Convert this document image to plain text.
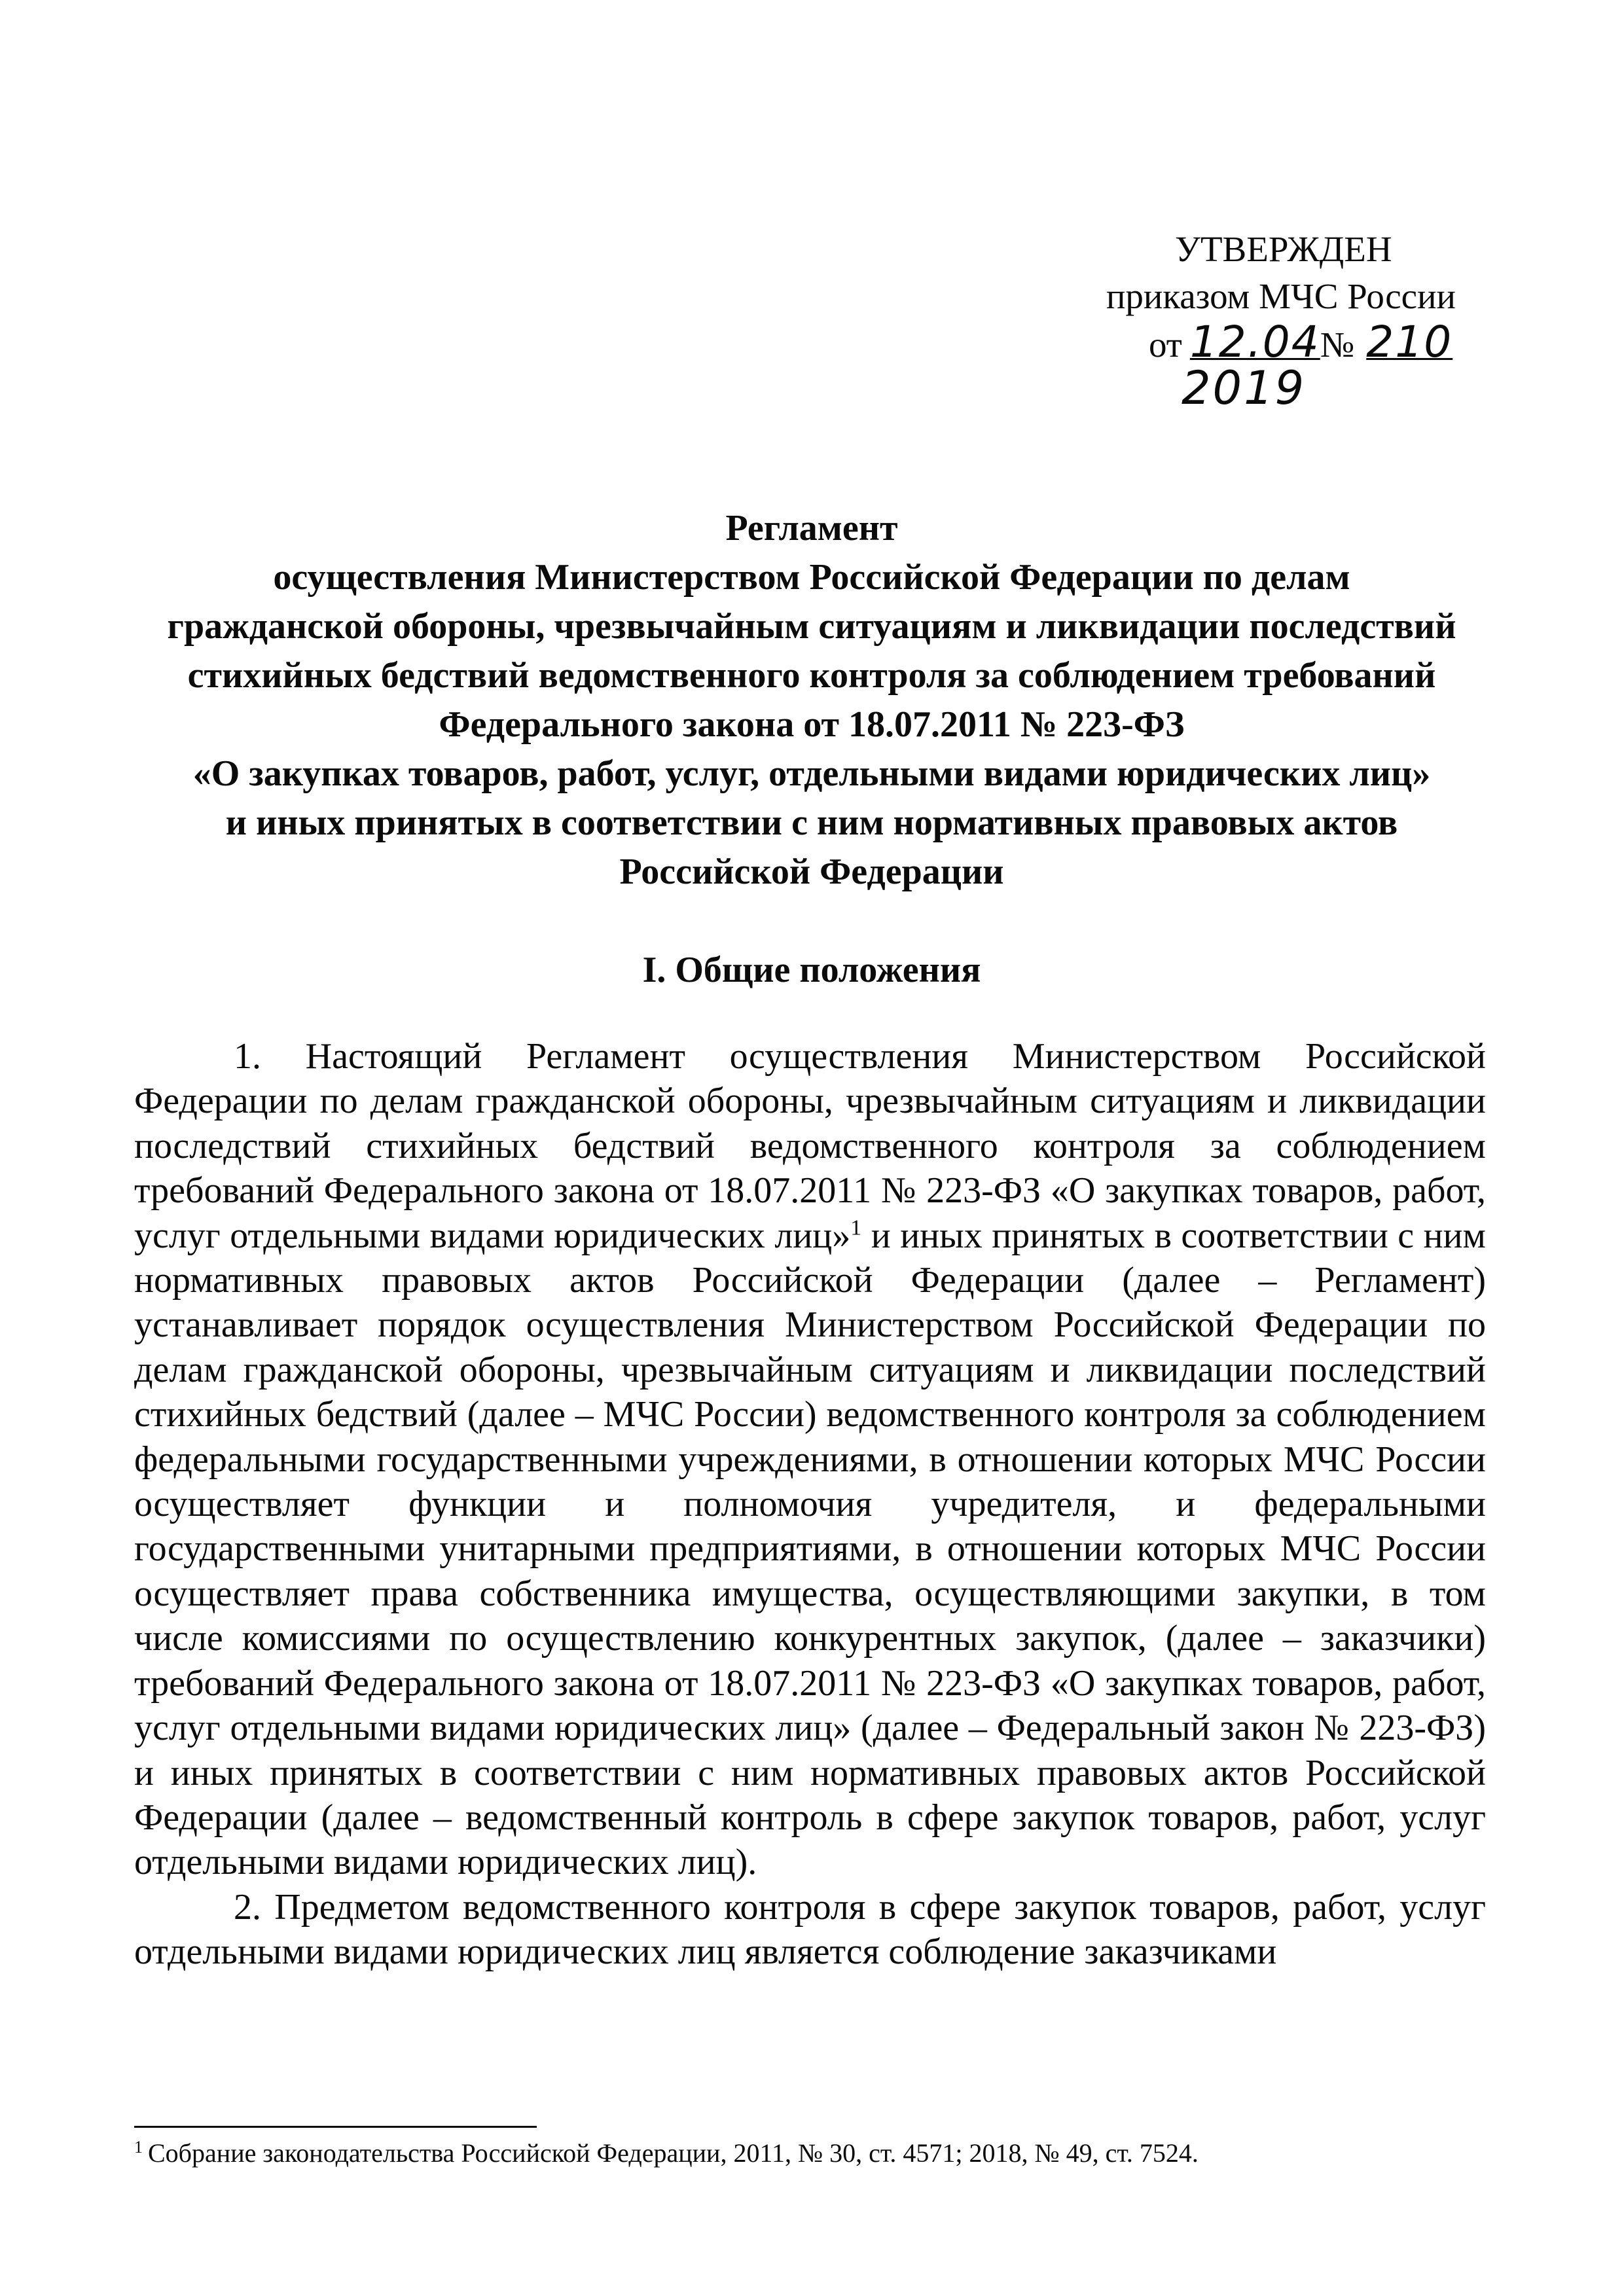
УТВЕРЖДЕН
приказом МЧС России
от 12.04№ 210
2019
Регламент
осуществления Министерством Российской Федерации по делам
гражданской обороны, чрезвычайным ситуациям и ликвидации последствий
стихийных бедствий ведомственного контроля за соблюдением требований
Федерального закона от 18.07.2011 № 223-ФЗ
«О закупках товаров, работ, услуг, отдельными видами юридических лиц»
и иных принятых в соответствии с ним нормативных правовых актов
Российской Федерации
I. Общие положения

1. Настоящий Регламент осуществления Министерством Российской Федерации по делам гражданской обороны, чрезвычайным ситуациям и ликвидации последствий стихийных бедствий ведомственного контроля за соблюдением требований Федерального закона от 18.07.2011 № 223-ФЗ «О закупках товаров, работ, услуг отдельными видами юридических лиц»$^1$ и иных принятых в соответствии с ним нормативных правовых актов Российской Федерации (далее – Регламент) устанавливает порядок осуществления Министерством Российской Федерации по делам гражданской обороны, чрезвычайным ситуациям и ликвидации последствий стихийных бедствий (далее – МЧС России) ведомственного контроля за соблюдением федеральными государственными учреждениями, в отношении которых МЧС России осуществляет функции и полномочия учредителя, и федеральными государственными унитарными предприятиями, в отношении которых МЧС России осуществляет права собственника имущества, осуществляющими закупки, в том числе комиссиями по осуществлению конкурентных закупок, (далее – заказчики) требований Федерального закона от 18.07.2011 № 223-ФЗ «О закупках товаров, работ, услуг отдельными видами юридических лиц» (далее – Федеральный закон № 223-ФЗ) и иных принятых в соответствии с ним нормативных правовых актов Российской Федерации (далее – ведомственный контроль в сфере закупок товаров, работ, услуг отдельными видами юридических лиц).

2. Предметом ведомственного контроля в сфере закупок товаров, работ, услуг отдельными видами юридических лиц является соблюдение заказчиками

$^1$ Собрание законодательства Российской Федерации, 2011, № 30, ст. 4571; 2018, № 49, ст. 7524.
